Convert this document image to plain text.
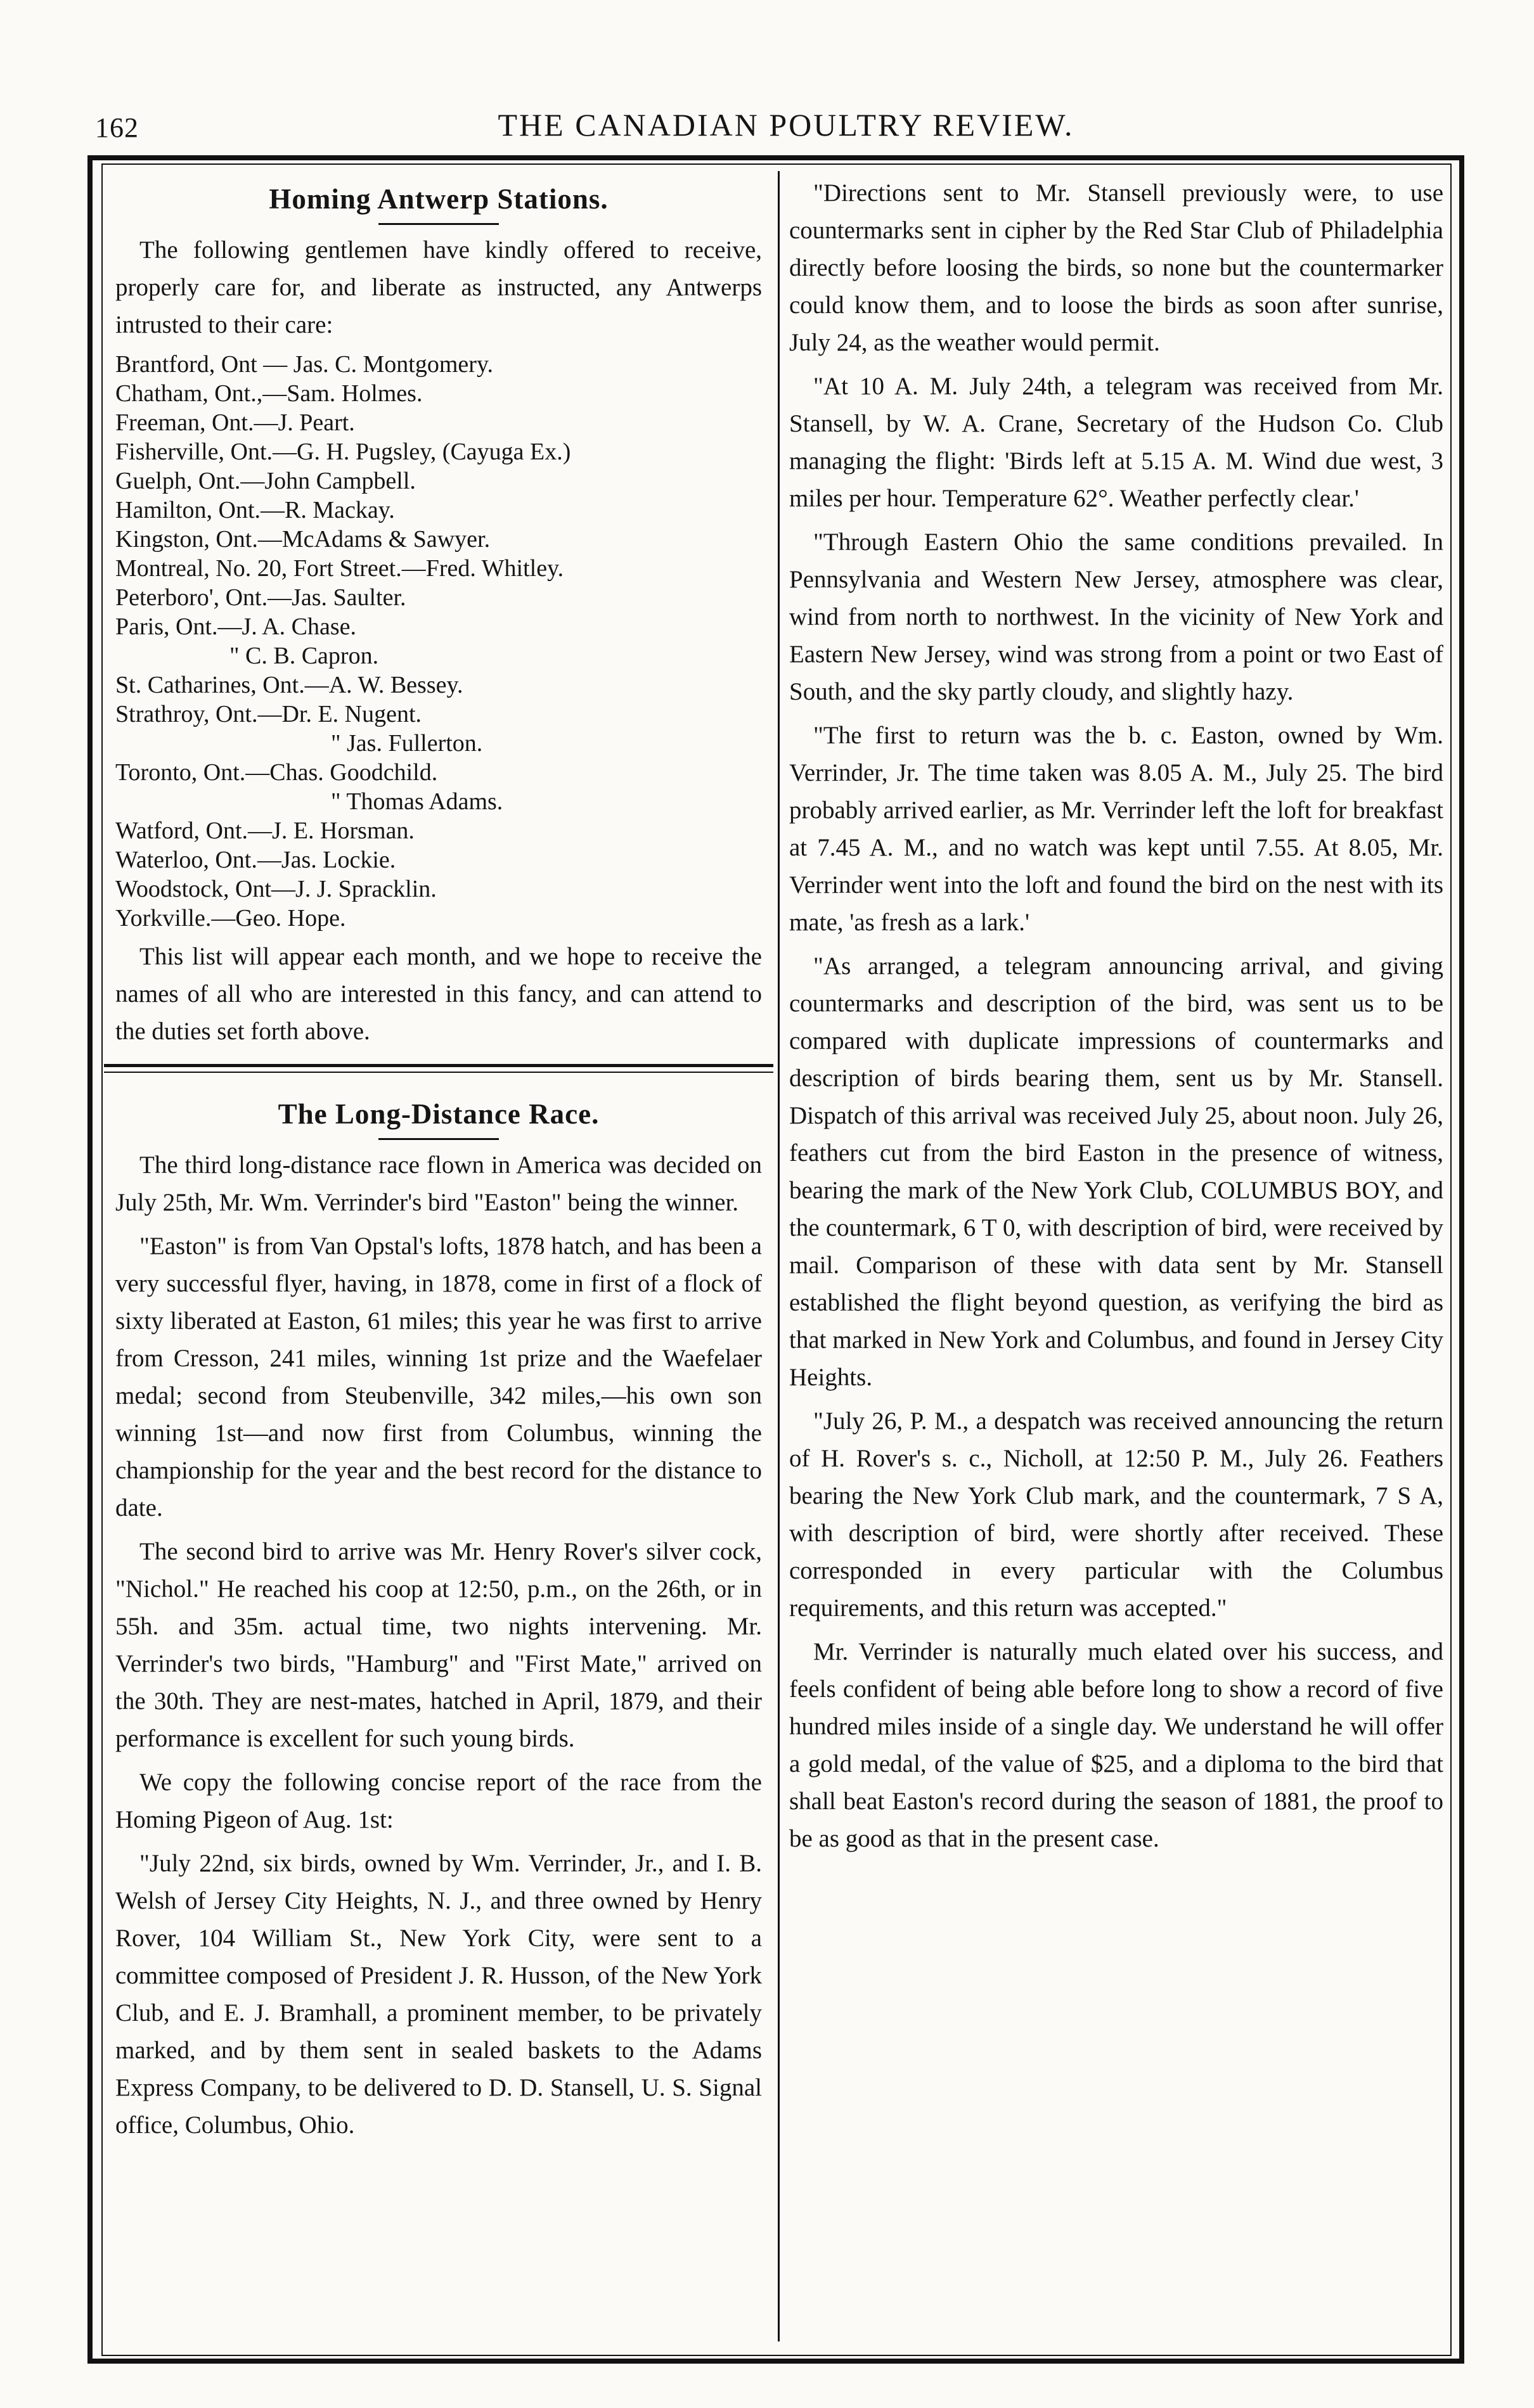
162	THE CANADIAN POULTRY REVIEW.
Homing Antwerp Stations.

The following gentlemen have kindly offered to receive, properly care for, and liberate as instructed, any Antwerps intrusted to their care:

Brantford, Ont — Jas. C. Montgomery.
Chatham, Ont.,—Sam. Holmes.
Freeman, Ont.—J. Peart.
Fisherville, Ont.—G. H. Pugsley, (Cayuga Ex.)
Guelph, Ont.—John Campbell.
Hamilton, Ont.—R. Mackay.
Kingston, Ont.—McAdams & Sawyer.
Montreal, No. 20, Fort Street.—Fred. Whitley.
Peterboro', Ont.—Jas. Saulter.
Paris, Ont.—J. A. Chase.
" C. B. Capron.
St. Catharines, Ont.—A. W. Bessey.
Strathroy, Ont.—Dr. E. Nugent.
" Jas. Fullerton.
Toronto, Ont.—Chas. Goodchild.
" Thomas Adams.
Watford, Ont.—J. E. Horsman.
Waterloo, Ont.—Jas. Lockie.
Woodstock, Ont—J. J. Spracklin.
Yorkville.—Geo. Hope.

This list will appear each month, and we hope to receive the names of all who are interested in this fancy, and can attend to the duties set forth above.

The Long-Distance Race.

The third long-distance race flown in America was decided on July 25th, Mr. Wm. Verrinder's bird "Easton" being the winner.

"Easton" is from Van Opstal's lofts, 1878 hatch, and has been a very successful flyer, having, in 1878, come in first of a flock of sixty liberated at Easton, 61 miles; this year he was first to arrive from Cresson, 241 miles, winning 1st prize and the Waefelaer medal; second from Steubenville, 342 miles,—his own son winning 1st—and now first from Columbus, winning the championship for the year and the best record for the distance to date.

The second bird to arrive was Mr. Henry Rover's silver cock, "Nichol." He reached his coop at 12:50, p.m., on the 26th, or in 55h. and 35m. actual time, two nights intervening. Mr. Verrinder's two birds, "Hamburg" and "First Mate," arrived on the 30th. They are nest-mates, hatched in April, 1879, and their performance is excellent for such young birds.

We copy the following concise report of the race from the Homing Pigeon of Aug. 1st:

"July 22nd, six birds, owned by Wm. Verrinder, Jr., and I. B. Welsh of Jersey City Heights, N. J., and three owned by Henry Rover, 104 William St., New York City, were sent to a committee composed of President J. R. Husson, of the New York Club, and E. J. Bramhall, a prominent member, to be privately marked, and by them sent in sealed baskets to the Adams Express Company, to be delivered to D. D. Stansell, U. S. Signal office, Columbus, Ohio.

"Directions sent to Mr. Stansell previously were, to use countermarks sent in cipher by the Red Star Club of Philadelphia directly before loosing the birds, so none but the countermarker could know them, and to loose the birds as soon after sunrise, July 24, as the weather would permit.

"At 10 A. M. July 24th, a telegram was received from Mr. Stansell, by W. A. Crane, Secretary of the Hudson Co. Club managing the flight: 'Birds left at 5.15 A. M. Wind due west, 3 miles per hour. Temperature 62°. Weather perfectly clear.'

"Through Eastern Ohio the same conditions prevailed. In Pennsylvania and Western New Jersey, atmosphere was clear, wind from north to northwest. In the vicinity of New York and Eastern New Jersey, wind was strong from a point or two East of South, and the sky partly cloudy, and slightly hazy.

"The first to return was the b. c. Easton, owned by Wm. Verrinder, Jr. The time taken was 8.05 A. M., July 25. The bird probably arrived earlier, as Mr. Verrinder left the loft for breakfast at 7.45 A. M., and no watch was kept until 7.55. At 8.05, Mr. Verrinder went into the loft and found the bird on the nest with its mate, 'as fresh as a lark.'

"As arranged, a telegram announcing arrival, and giving countermarks and description of the bird, was sent us to be compared with duplicate impressions of countermarks and description of birds bearing them, sent us by Mr. Stansell. Dispatch of this arrival was received July 25, about noon. July 26, feathers cut from the bird Easton in the presence of witness, bearing the mark of the New York Club, COLUMBUS BOY, and the countermark, 6 T 0, with description of bird, were received by mail. Comparison of these with data sent by Mr. Stansell established the flight beyond question, as verifying the bird as that marked in New York and Columbus, and found in Jersey City Heights.

"July 26, P. M., a despatch was received announcing the return of H. Rover's s. c., Nicholl, at 12:50 P. M., July 26. Feathers bearing the New York Club mark, and the countermark, 7 S A, with description of bird, were shortly after received. These corresponded in every particular with the Columbus requirements, and this return was accepted."

Mr. Verrinder is naturally much elated over his success, and feels confident of being able before long to show a record of five hundred miles inside of a single day. We understand he will offer a gold medal, of the value of $25, and a diploma to the bird that shall beat Easton's record during the season of 1881, the proof to be as good as that in the present case.
